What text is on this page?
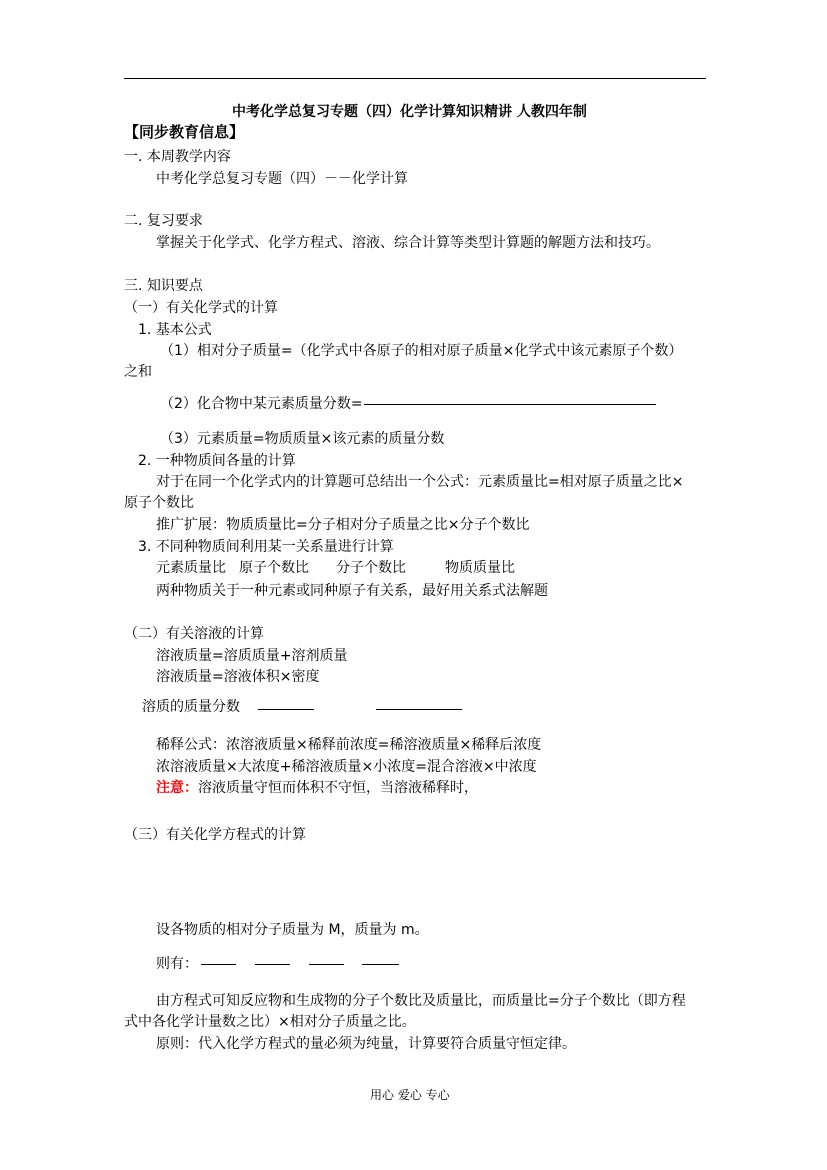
中考化学总复习专题（四）化学计算知识精讲 人教四年制
【同步教育信息】
一. 本周教学内容
中考化学总复习专题（四）－－化学计算
二. 复习要求
掌握关于化学式、化学方程式、溶液、综合计算等类型计算题的解题方法和技巧。
三. 知识要点
（一）有关化学式的计算
1. 基本公式
（1）相对分子质量=（化学式中各原子的相对原子质量×化学式中该元素原子个数）
之和
（2）化合物中某元素质量分数=
（3）元素质量=物质质量×该元素的质量分数
2. 一种物质间各量的计算
对于在同一个化学式内的计算题可总结出一个公式：元素质量比=相对原子质量之比×
原子个数比
推广扩展：物质质量比=分子相对分子质量之比×分子个数比
3. 不同种物质间利用某一关系量进行计算
元素质量比 原子个数比 分子个数比	物质质量比
两种物质关于一种元素或同种原子有关系，最好用关系式法解题
（二）有关溶液的计算
溶液质量=溶质质量+溶剂质量
溶液质量=溶液体积×密度
溶质的质量分数
稀释公式：浓溶液质量×稀释前浓度=稀溶液质量×稀释后浓度
浓溶液质量×大浓度+稀溶液质量×小浓度=混合溶液×中浓度
注意：溶液质量守恒而体积不守恒，当溶液稀释时，
（三）有关化学方程式的计算
设各物质的相对分子质量为 M，质量为 m。
则有：
由方程式可知反应物和生成物的分子个数比及质量比，而质量比=分子个数比（即方程
式中各化学计量数之比）×相对分子质量之比。
原则：代入化学方程式的量必须为纯量，计算要符合质量守恒定律。
用心 爱心 专心
